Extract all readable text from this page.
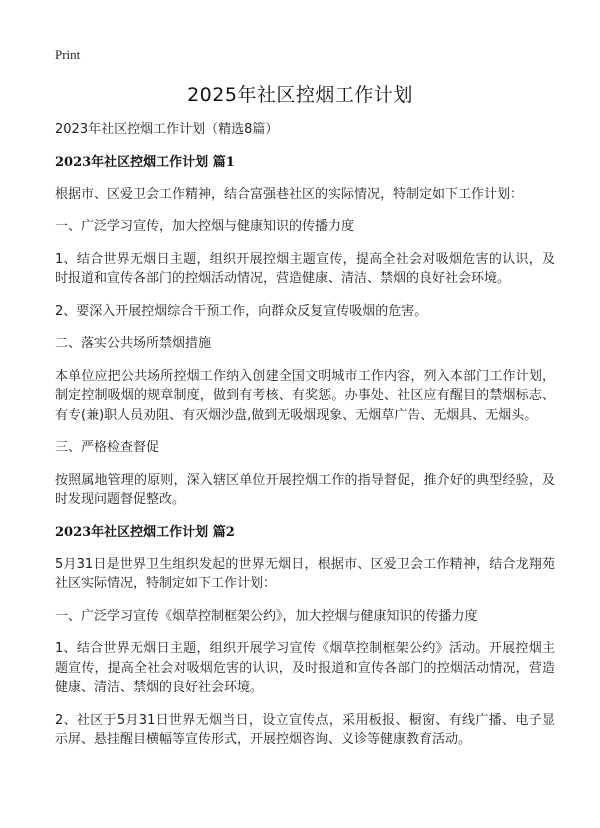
Print
2025年社区控烟工作计划

2023年社区控烟工作计划（精选8篇）

2023年社区控烟工作计划 篇1

根据市、区爱卫会工作精神，结合富强巷社区的实际情况，特制定如下工作计划：

一、广泛学习宣传，加大控烟与健康知识的传播力度

1、结合世界无烟日主题，组织开展控烟主题宣传，提高全社会对吸烟危害的认识，及时报道和宣传各部门的控烟活动情况，营造健康、清洁、禁烟的良好社会环境。

2、要深入开展控烟综合干预工作，向群众反复宣传吸烟的危害。

二、落实公共场所禁烟措施

本单位应把公共场所控烟工作纳入创建全国文明城市工作内容，列入本部门工作计划，制定控制吸烟的规章制度，做到有考核、有奖惩。办事处、社区应有醒目的禁烟标志、有专(兼)职人员劝阻、有灭烟沙盘,做到无吸烟现象、无烟草广告、无烟具、无烟头。

三、严格检查督促

按照属地管理的原则，深入辖区单位开展控烟工作的指导督促，推介好的典型经验，及时发现问题督促整改。

2023年社区控烟工作计划 篇2

5月31日是世界卫生组织发起的世界无烟日，根据市、区爱卫会工作精神，结合龙翔苑社区实际情况，特制定如下工作计划：

一、广泛学习宣传《烟草控制框架公约》，加大控烟与健康知识的传播力度

1、结合世界无烟日主题，组织开展学习宣传《烟草控制框架公约》活动。开展控烟主题宣传，提高全社会对吸烟危害的认识，及时报道和宣传各部门的控烟活动情况，营造健康、清洁、禁烟的良好社会环境。

2、社区于5月31日世界无烟当日，设立宣传点，采用板报、橱窗、有线广播、电子显示屏、悬挂醒目横幅等宣传形式，开展控烟咨询、义诊等健康教育活动。
